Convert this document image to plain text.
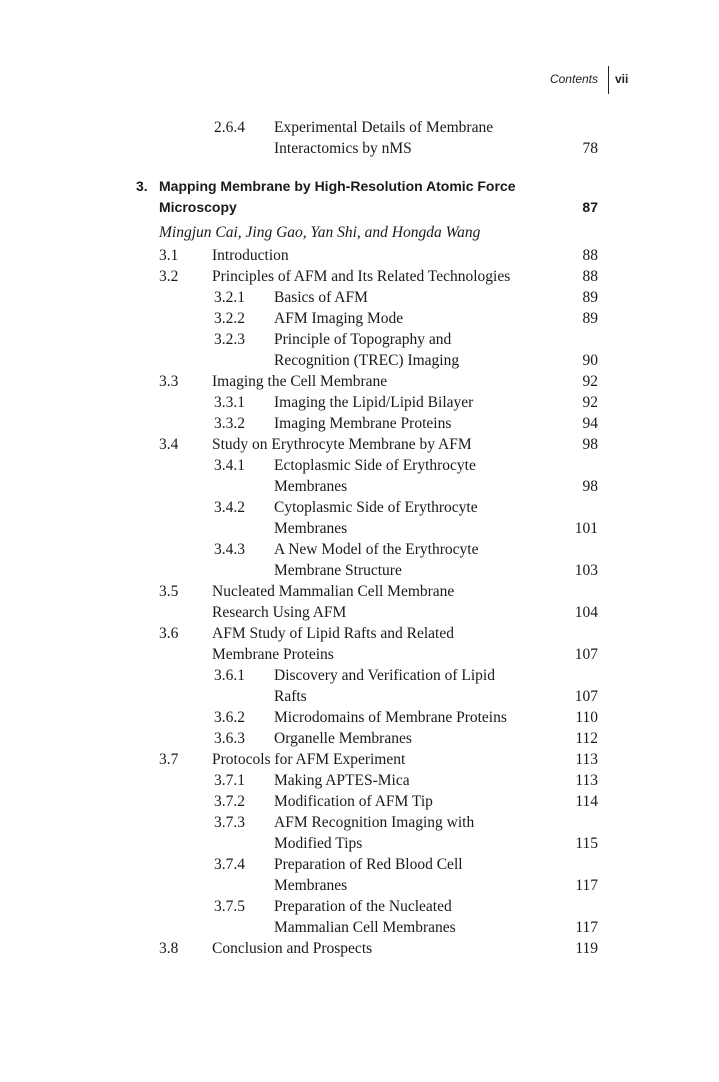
Contents vii
2.6.4 Experimental Details of Membrane
Interactomics by nMS	78
3. Mapping Membrane by High-Resolution Atomic Force
Microscopy	87
Mingjun Cai, Jing Gao, Yan Shi, and Hongda Wang
3.1 Introduction	88
3.2 Principles of AFM and Its Related Technologies	88
3.2.1 Basics of AFM	89
3.2.2 AFM Imaging Mode	89
3.2.3 Principle of Topography and
Recognition (TREC) Imaging	90
3.3 Imaging the Cell Membrane	92
3.3.1 Imaging the Lipid/Lipid Bilayer	92
3.3.2 Imaging Membrane Proteins	94
3.4 Study on Erythrocyte Membrane by AFM	98
3.4.1 Ectoplasmic Side of Erythrocyte
Membranes	98
3.4.2 Cytoplasmic Side of Erythrocyte
Membranes	101
3.4.3 A New Model of the Erythrocyte
Membrane Structure	103
3.5 Nucleated Mammalian Cell Membrane
Research Using AFM	104
3.6 AFM Study of Lipid Rafts and Related
Membrane Proteins	107
3.6.1 Discovery and Verification of Lipid
Rafts	107
3.6.2 Microdomains of Membrane Proteins	110
3.6.3 Organelle Membranes	112
3.7 Protocols for AFM Experiment	113
3.7.1 Making APTES-Mica	113
3.7.2 Modification of AFM Tip	114
3.7.3 AFM Recognition Imaging with
Modified Tips	115
3.7.4 Preparation of Red Blood Cell
Membranes	117
3.7.5 Preparation of the Nucleated
Mammalian Cell Membranes	117
3.8 Conclusion and Prospects	119
